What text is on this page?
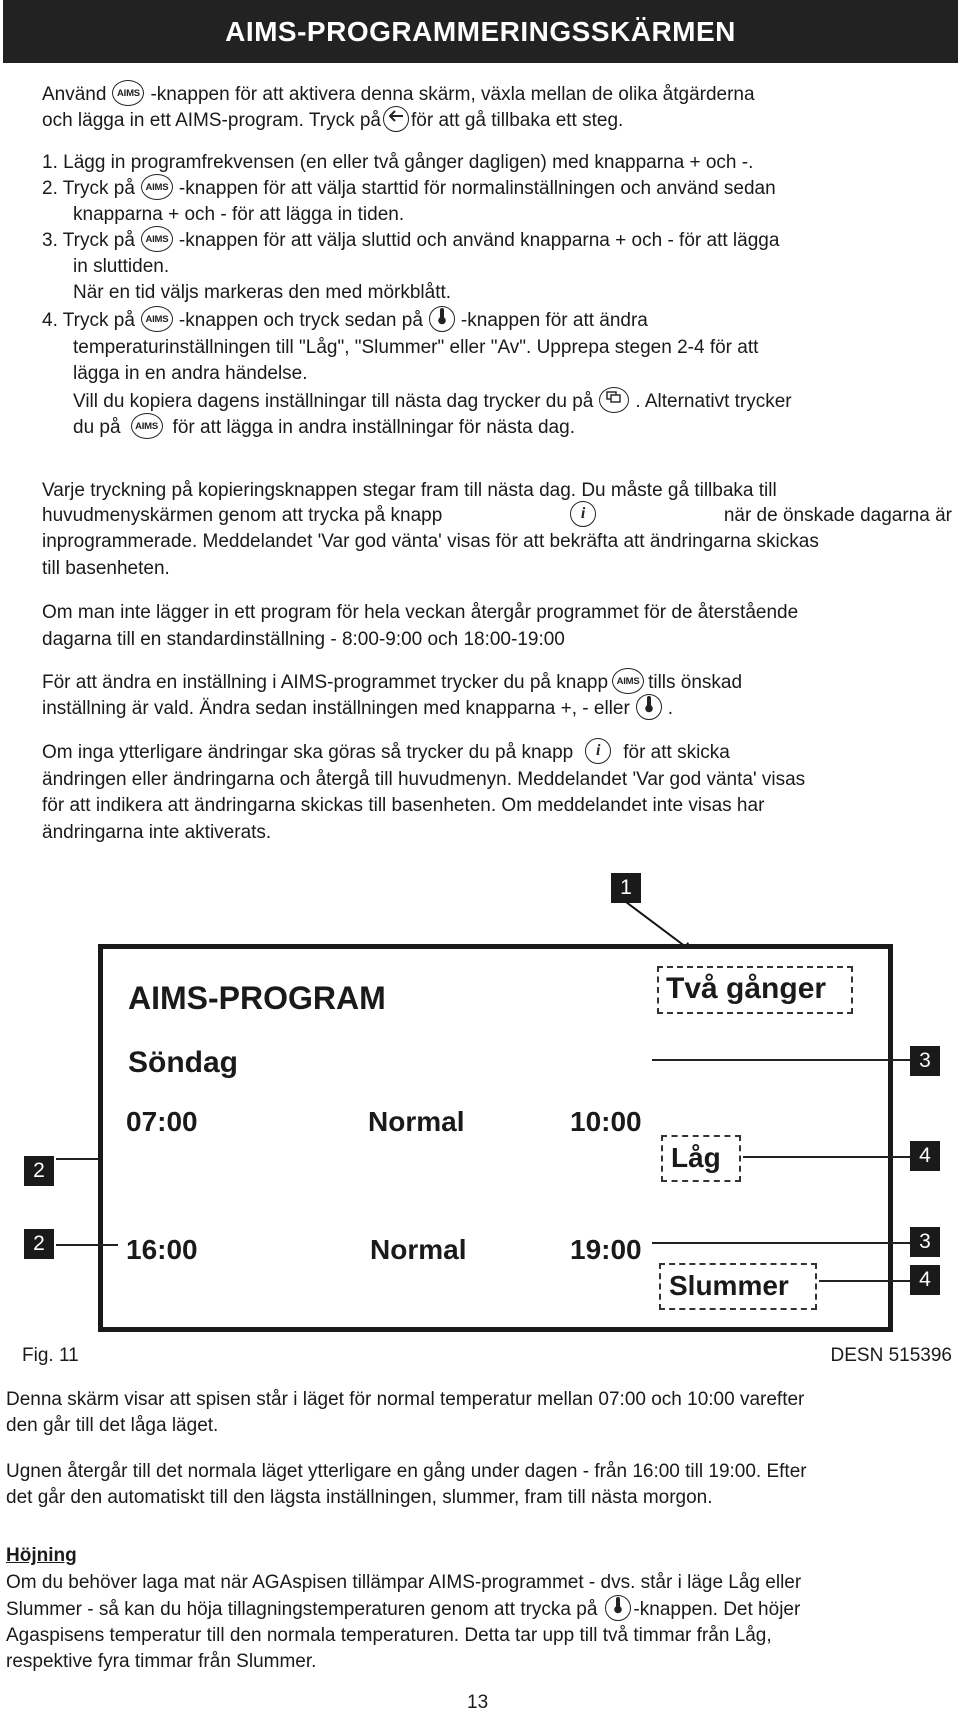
AIMS-PROGRAMMERINGSSKÄRMEN
Använd AIMS -knappen för att aktivera denna skärm, växla mellan de olika åtgärderna
och lägga in ett AIMS-program. Tryck på för att gå tillbaka ett steg.
1. Lägg in programfrekvensen (en eller två gånger dagligen) med knapparna + och -.
2. Tryck på AIMS -knappen för att välja starttid för normalinställningen och använd sedan
knapparna + och - för att lägga in tiden.
3. Tryck på AIMS -knappen för att välja sluttid och använd knapparna + och - för att lägga
in sluttiden.
När en tid väljs markeras den med mörkblått.
4. Tryck på AIMS -knappen och tryck sedan på -knappen för att ändra
temperaturinställningen till "Låg", "Slummer" eller "Av". Upprepa stegen 2-4 för att
lägga in en andra händelse.
Vill du kopiera dagens inställningar till nästa dag trycker du på . Alternativt trycker
du på AIMS för att lägga in andra inställningar för nästa dag.
Varje tryckning på kopieringsknappen stegar fram till nästa dag. Du måste gå tillbaka till
huvudmenyskärmen genom att trycka på knapp	i	när de önskade dagarna är
inprogrammerade. Meddelandet 'Var god vänta' visas för att bekräfta att ändringarna skickas
till basenheten.
Om man inte lägger in ett program för hela veckan återgår programmet för de återstående
dagarna till en standardinställning - 8:00-9:00 och 18:00-19:00
För att ändra en inställning i AIMS-programmet trycker du på knapp AIMS tills önskad
inställning är vald. Ändra sedan inställningen med knapparna +, - eller .
Om inga ytterligare ändringar ska göras så trycker du på knapp i för att skicka
ändringen eller ändringarna och återgå till huvudmenyn. Meddelandet 'Var god vänta' visas
för att indikera att ändringarna skickas till basenheten. Om meddelandet inte visas har
ändringarna inte aktiverats.
1
AIMS-PROGRAM	Två gånger
Söndag
07:00	Normal	10:00
Låg
16:00	Normal	19:00
Slummer
2
2
3
4
3
4
Fig. 11	DESN 515396
Denna skärm visar att spisen står i läget för normal temperatur mellan 07:00 och 10:00 varefter
den går till det låga läget.
Ugnen återgår till det normala läget ytterligare en gång under dagen - från 16:00 till 19:00. Efter
det går den automatiskt till den lägsta inställningen, slummer, fram till nästa morgon.
Höjning
Om du behöver laga mat när AGAspisen tillämpar AIMS-programmet - dvs. står i läge Låg eller
Slummer - så kan du höja tillagningstemperaturen genom att trycka på -knappen. Det höjer
Agaspisens temperatur till den normala temperaturen. Detta tar upp till två timmar från Låg,
respektive fyra timmar från Slummer.
13
